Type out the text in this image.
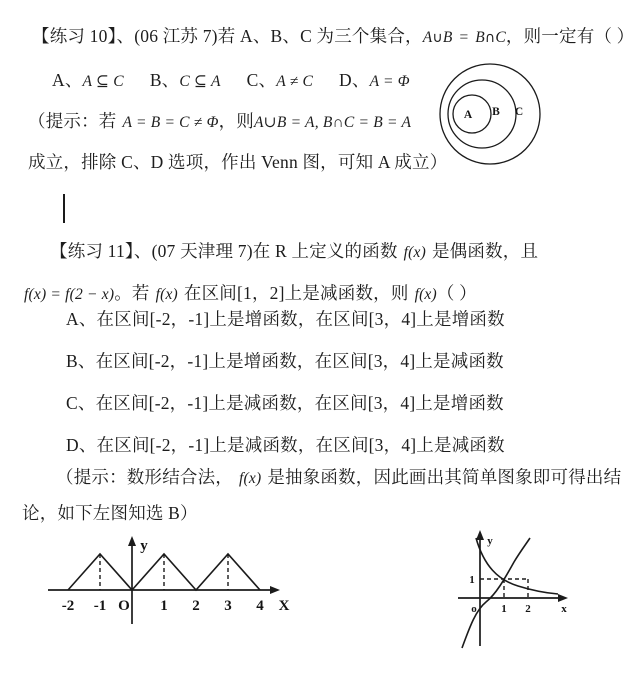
【练习 10】、(06 江苏 7)若 A、B、C 为三个集合，A∪B = B∩C，则一定有（ ）
A、A ⊆ C B、C ⊆ A C、A ≠ C D、A = Φ
（提示：若 A = B = C ≠ Φ，则A∪B = A, B∩C = B = A
成立，排除 C、D 选项，作出 Venn 图，可知 A 成立）
A B C
【练习 11】、(07 天津理 7)在 R 上定义的函数 f(x) 是偶函数，且
f(x) = f(2 − x)。若 f(x) 在区间[1，2]上是减函数，则 f(x)（ ）
A、在区间[-2，-1]上是增函数，在区间[3，4]上是增函数
B、在区间[-2，-1]上是增函数，在区间[3，4]上是减函数
C、在区间[-2，-1]上是减函数，在区间[3，4]上是增函数
D、在区间[-2，-1]上是减函数，在区间[3，4]上是减函数
（提示：数形结合法， f(x) 是抽象函数，因此画出其简单图象即可得出结
论，如下左图知选 B）
-2 -1 O 1 2 3 4 X
y
1
o 1 2	x
y
